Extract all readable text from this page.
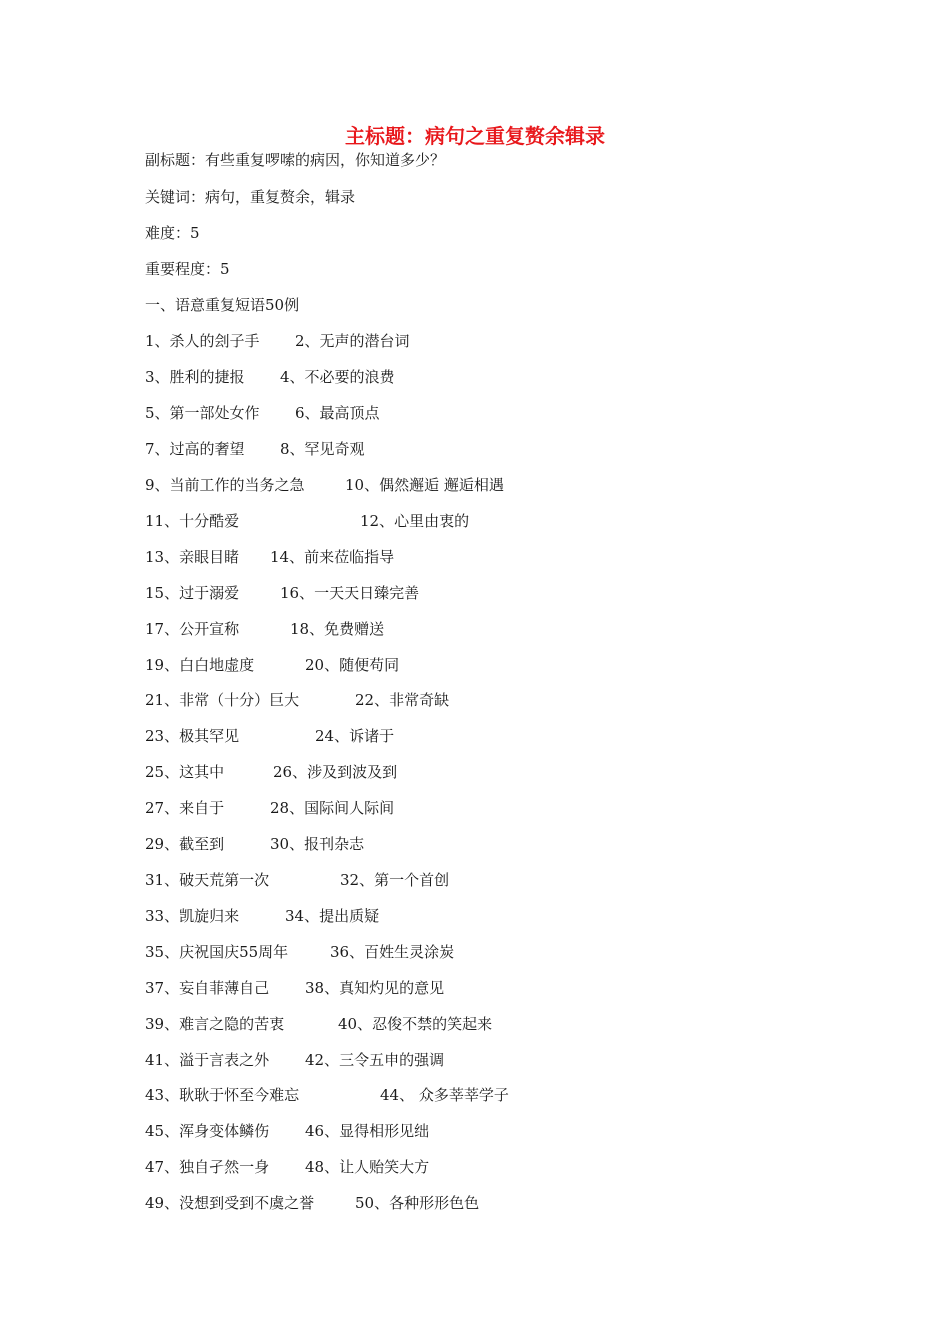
主标题：病句之重复赘余辑录
副标题：有些重复啰嗦的病因，你知道多少？
关键词：病句，重复赘余，辑录
难度：5
重要程度：5
一、语意重复短语50例
1、杀人的刽子手 2、无声的潜台词
3、胜利的捷报 4、不必要的浪费
5、第一部处女作 6、最高顶点
7、过高的奢望 8、罕见奇观
9、当前工作的当务之急	10、偶然邂逅 邂逅相遇
11、十分酷爱	12、心里由衷的
13、亲眼目睹 14、前来莅临指导
15、过于溺爱	16、一天天日臻完善
17、公开宣称	18、免费赠送
19、白白地虚度	20、随便苟同
21、非常（十分）巨大	22、非常奇缺
23、极其罕见	24、诉诸于
25、这其中	26、涉及到波及到
27、来自于	28、国际间人际间
29、截至到	30、报刊杂志
31、破天荒第一次	32、第一个首创
33、凯旋归来	34、提出质疑
35、庆祝国庆55周年	36、百姓生灵涂炭
37、妄自菲薄自己 38、真知灼见的意见
39、难言之隐的苦衷	40、忍俊不禁的笑起来
41、溢于言表之外 42、三令五申的强调
43、耿耿于怀至今难忘	44、 众多莘莘学子
45、浑身变体鳞伤 46、显得相形见绌
47、独自孑然一身 48、让人贻笑大方
49、没想到受到不虞之誉	50、各种形形色色
